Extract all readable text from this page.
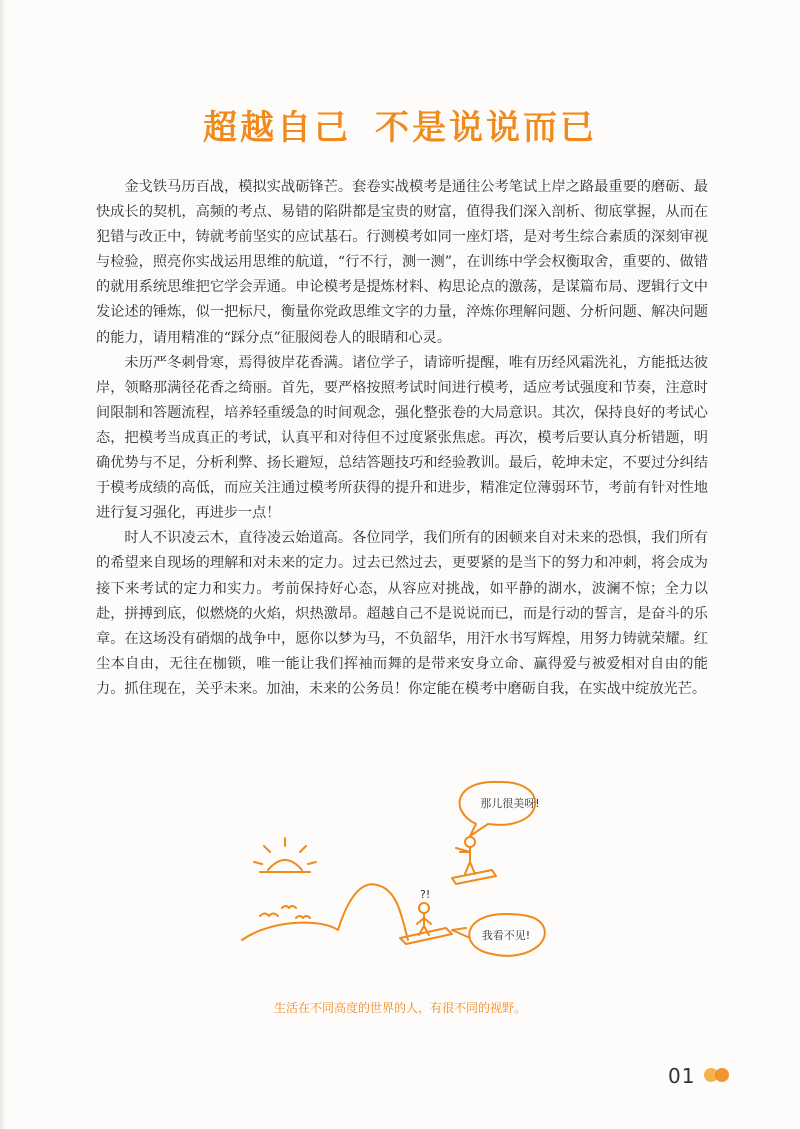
超越自己 不是说说而已

金戈铁马历百战，模拟实战砺锋芒。套卷实战模考是通往公考笔试上岸之路最重要的磨砺、最快成长的契机，高频的考点、易错的陷阱都是宝贵的财富，值得我们深入剖析、彻底掌握，从而在犯错与改正中，铸就考前坚实的应试基石。行测模考如同一座灯塔，是对考生综合素质的深刻审视与检验，照亮你实战运用思维的航道，“行不行，测一测”，在训练中学会权衡取舍，重要的、做错的就用系统思维把它学会弄通。申论模考是提炼材料、构思论点的激荡，是谋篇布局、逻辑行文中发论述的锤炼，似一把标尺，衡量你党政思维文字的力量，淬炼你理解问题、分析问题、解决问题的能力，请用精准的“踩分点”征服阅卷人的眼睛和心灵。

未历严冬刺骨寒，焉得彼岸花香满。诸位学子，请谛听提醒，唯有历经风霜洗礼，方能抵达彼岸，领略那满径花香之绮丽。首先，要严格按照考试时间进行模考，适应考试强度和节奏，注意时间限制和答题流程，培养轻重缓急的时间观念，强化整张卷的大局意识。其次，保持良好的考试心态，把模考当成真正的考试，认真平和对待但不过度紧张焦虑。再次，模考后要认真分析错题，明确优势与不足，分析利弊、扬长避短，总结答题技巧和经验教训。最后，乾坤未定，不要过分纠结于模考成绩的高低，而应关注通过模考所获得的提升和进步，精准定位薄弱环节，考前有针对性地进行复习强化，再进步一点！

时人不识凌云木，直待凌云始道高。各位同学，我们所有的困顿来自对未来的恐惧，我们所有的希望来自现场的理解和对未来的定力。过去已然过去，更要紧的是当下的努力和冲刺，将会成为接下来考试的定力和实力。考前保持好心态，从容应对挑战，如平静的湖水，波澜不惊；全力以赴，拼搏到底，似燃烧的火焰，炽热激昂。超越自己不是说说而已，而是行动的誓言，是奋斗的乐章。在这场没有硝烟的战争中，愿你以梦为马，不负韶华，用汗水书写辉煌，用努力铸就荣耀。红尘本自由，无往在枷锁，唯一能让我们挥袖而舞的是带来安身立命、赢得爱与被爱相对自由的能力。抓住现在，关乎未来。加油，未来的公务员！你定能在模考中磨砺自我，在实战中绽放光芒。

那儿很美呀!
我看不见!
?!
生活在不同高度的世界的人，有很不同的视野。
01
